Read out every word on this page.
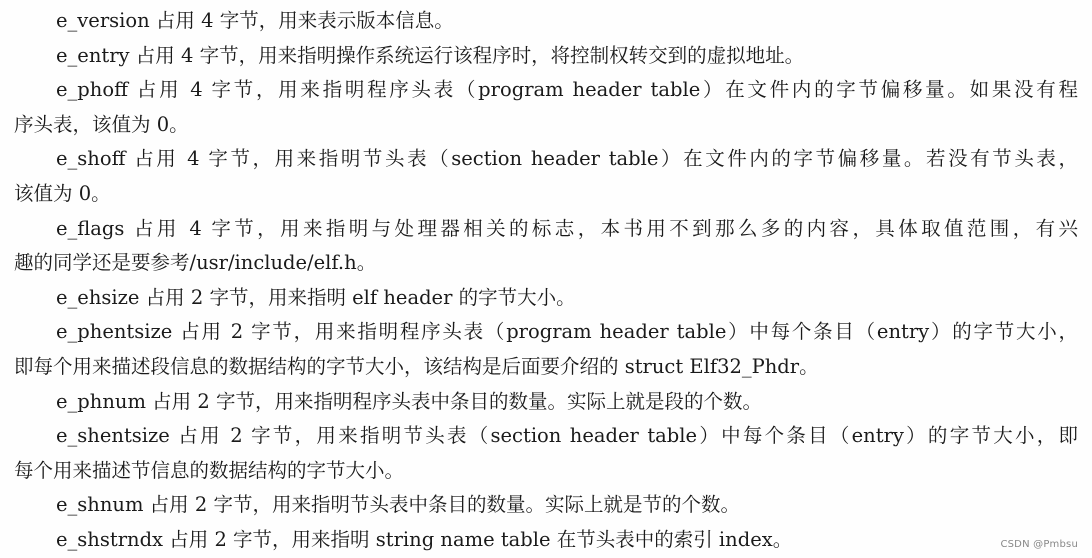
e_version 占用 4 字节，用来表示版本信息。
e_entry 占用 4 字节，用来指明操作系统运行该程序时，将控制权转交到的虚拟地址。
e_phoff 占用 4 字节，用来指明程序头表（program header table）在文件内的字节偏移量。如果没有程
序头表，该值为 0。
e_shoff 占用 4 字节，用来指明节头表（section header table）在文件内的字节偏移量。若没有节头表，
该值为 0。
e_flags 占用 4 字节，用来指明与处理器相关的标志，本书用不到那么多的内容，具体取值范围，有兴
趣的同学还是要参考/usr/include/elf.h。
e_ehsize 占用 2 字节，用来指明 elf header 的字节大小。
e_phentsize 占用 2 字节，用来指明程序头表（program header table）中每个条目（entry）的字节大小，
即每个用来描述段信息的数据结构的字节大小，该结构是后面要介绍的 struct Elf32_Phdr。
e_phnum 占用 2 字节，用来指明程序头表中条目的数量。实际上就是段的个数。
e_shentsize 占用 2 字节，用来指明节头表（section header table）中每个条目（entry）的字节大小，即
每个用来描述节信息的数据结构的字节大小。
e_shnum 占用 2 字节，用来指明节头表中条目的数量。实际上就是节的个数。
e_shstrndx 占用 2 字节，用来指明 string name table 在节头表中的索引 index。	CSDN @Pmbsu
